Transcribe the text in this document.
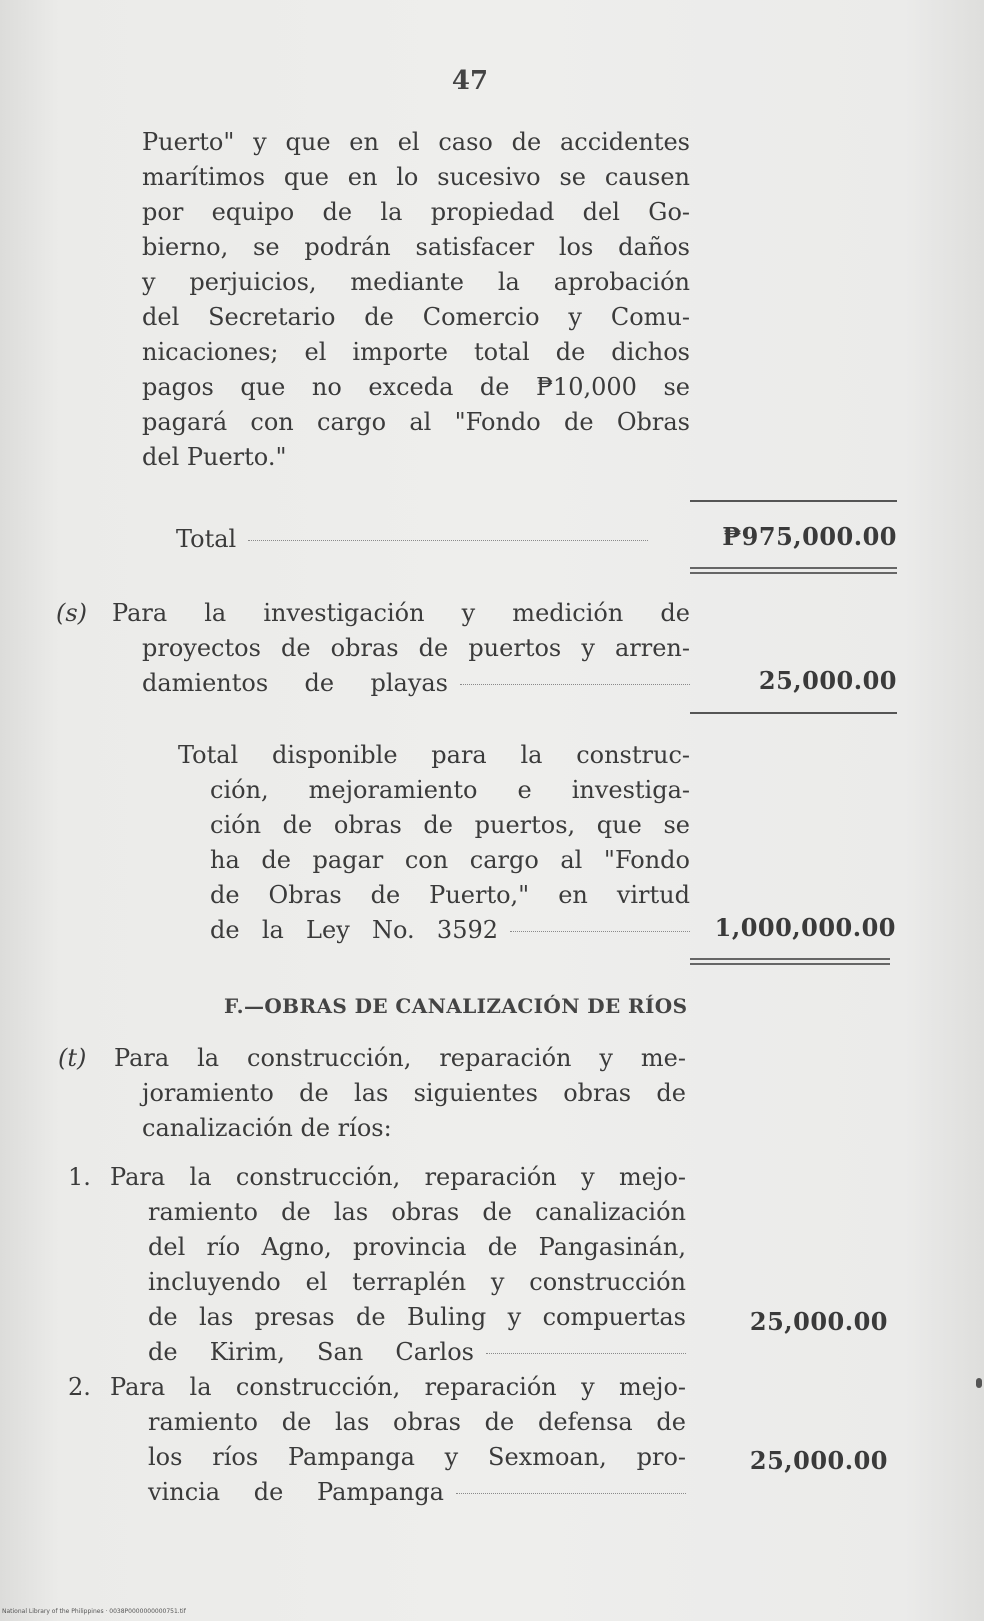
47
Puerto" y que en el caso de accidentes
marítimos que en lo sucesivo se causen
por equipo de la propiedad del Go-
bierno, se podrán satisfacer los daños
y perjuicios, mediante la aprobación
del Secretario de Comercio y Comu-
nicaciones; el importe total de dichos
pagos que no exceda de ₱10,000 se
pagará con cargo al "Fondo de Obras
del Puerto."
Total	₱975,000.00
(s) Para la investigación y medición de
proyectos de obras de puertos y arren-
damientos de playas	25,000.00
Total disponible para la construc-
ción, mejoramiento e investiga-
ción de obras de puertos, que se
ha de pagar con cargo al "Fondo
de Obras de Puerto," en virtud
de la Ley No. 3592	1,000,000.00
F.—OBRAS DE CANALIZACIÓN DE RÍOS
(t) Para la construcción, reparación y me-
joramiento de las siguientes obras de
canalización de ríos:
1. Para la construcción, reparación y mejo-
ramiento de las obras de canalización
del río Agno, provincia de Pangasinán,
incluyendo el terraplén y construcción
de las presas de Buling y compuertas
de Kirim, San Carlos
25,000.00
2. Para la construcción, reparación y mejo-
ramiento de las obras de defensa de
los ríos Pampanga y Sexmoan, pro-
vincia de Pampanga
25,000.00
National Library of the Philippines · 0038P0000000000751.tif
